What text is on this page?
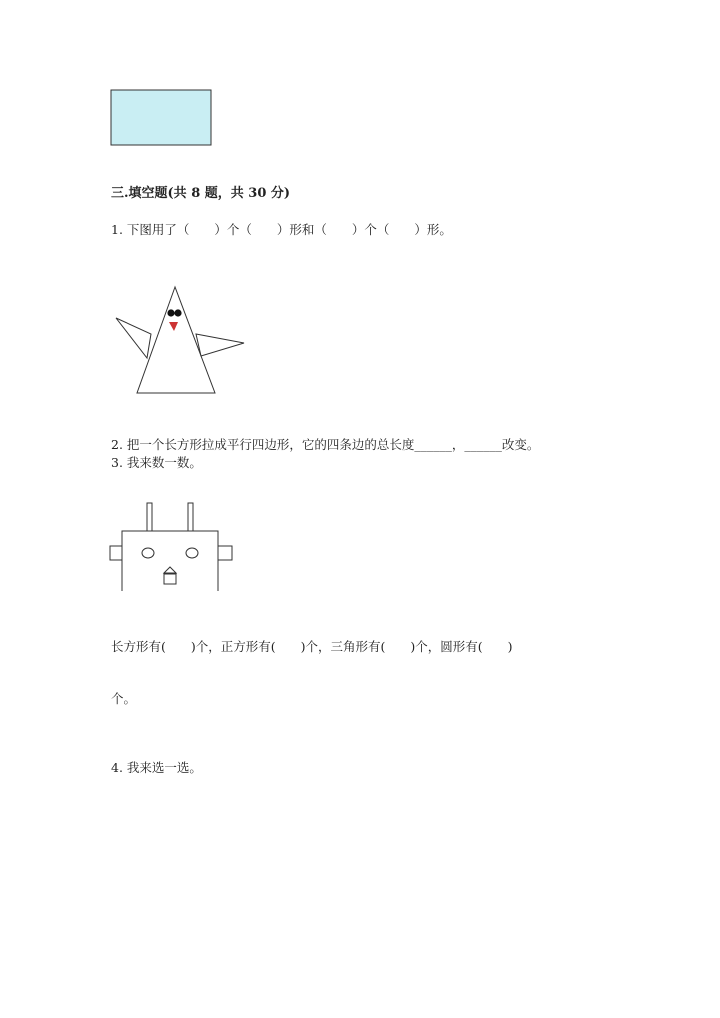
三.填空题(共 8 题，共 30 分)
1. 下图用了（　　）个（　　）形和（　　）个（　　）形。
2. 把一个长方形拉成平行四边形，它的四条边的总长度______，______改变。
3. 我来数一数。
长方形有(　　)个，正方形有(　　)个，三角形有(　　)个，圆形有(　　)
个。
4. 我来选一选。
